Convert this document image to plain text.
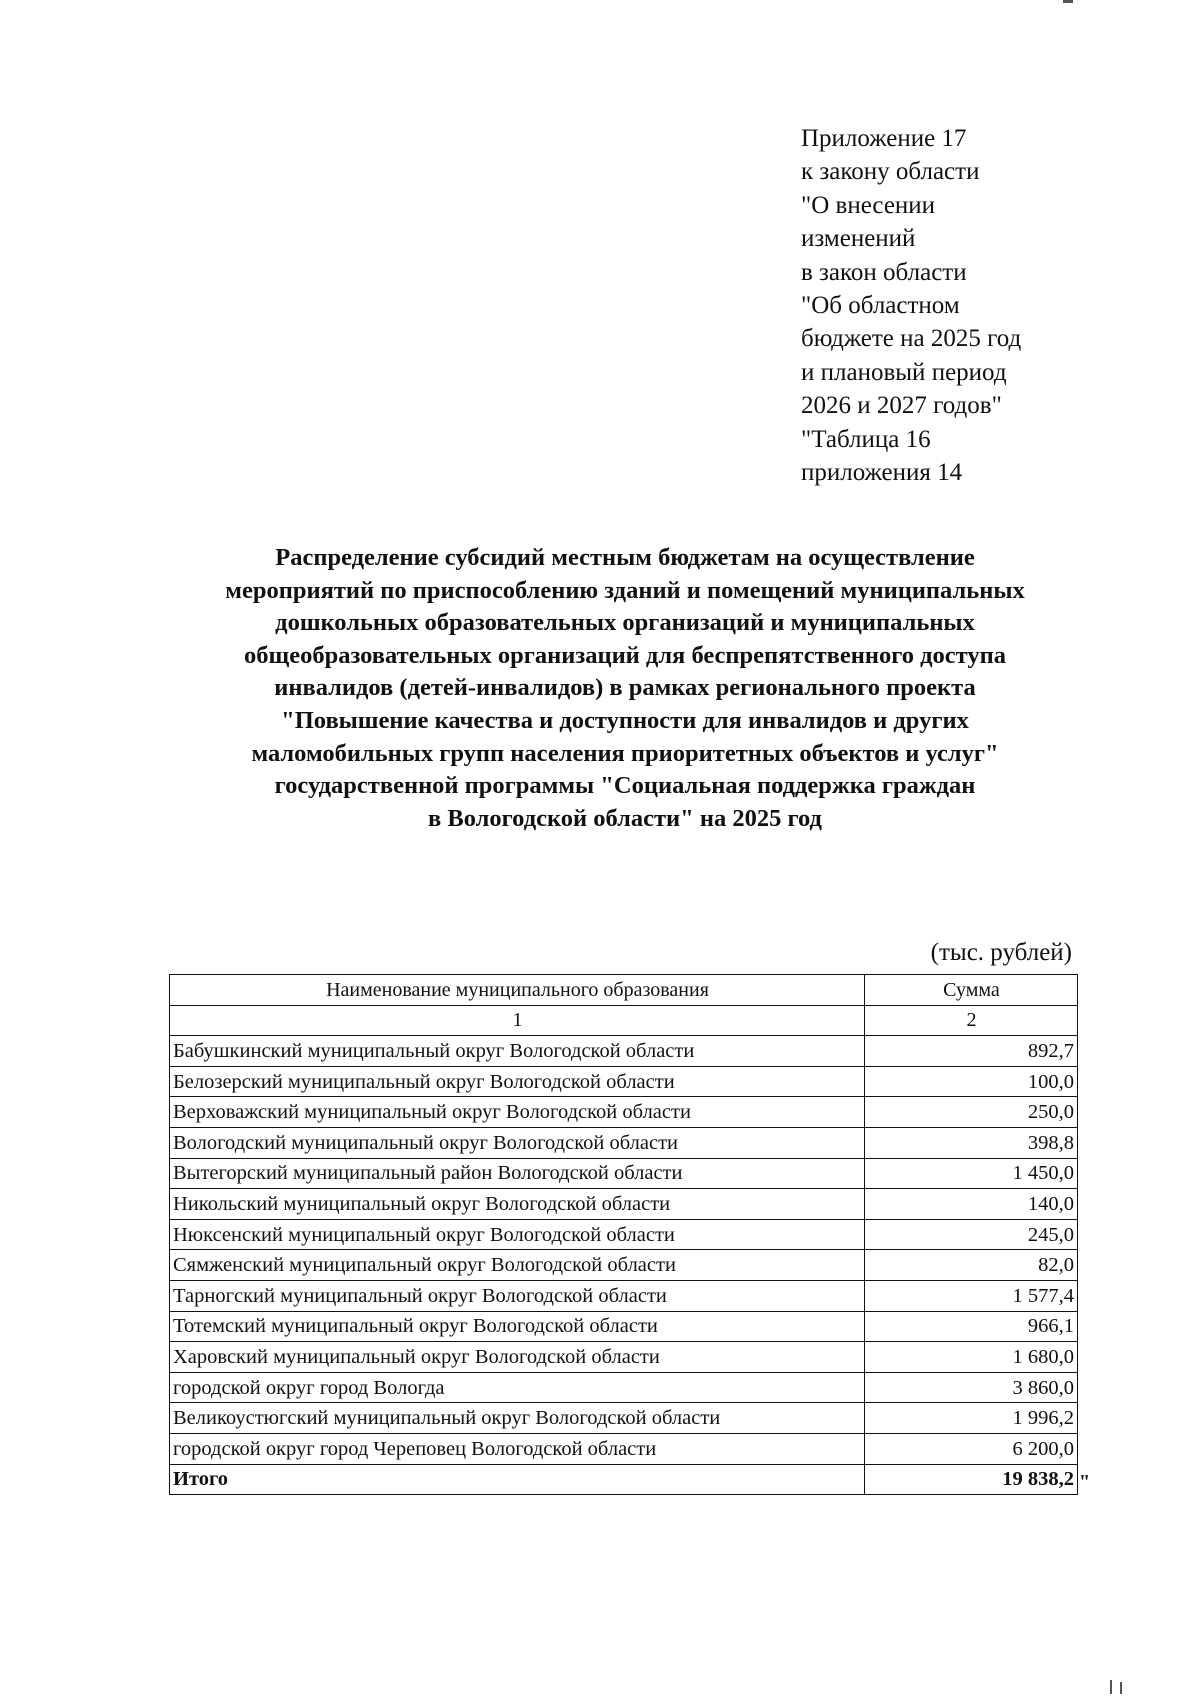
Приложение 17
к закону области
"О внесении
изменений
в закон области
"Об областном
бюджете на 2025 год
и плановый период
2026 и 2027 годов"
"Таблица 16
приложения 14
Распределение субсидий местным бюджетам на осуществление
мероприятий по приспособлению зданий и помещений муниципальных
дошкольных образовательных организаций и муниципальных
общеобразовательных организаций для беспрепятственного доступа
инвалидов (детей-инвалидов) в рамках регионального проекта
"Повышение качества и доступности для инвалидов и других
маломобильных групп населения приоритетных объектов и услуг"
государственной программы "Социальная поддержка граждан
в Вологодской области" на 2025 год
(тыс. рублей)
Наименование муниципального образования	Сумма
1	2
Бабушкинский муниципальный округ Вологодской области	892,7
Белозерский муниципальный округ Вологодской области	100,0
Верховажский муниципальный округ Вологодской области	250,0
Вологодский муниципальный округ Вологодской области	398,8
Вытегорский муниципальный район Вологодской области	1 450,0
Никольский муниципальный округ Вологодской области	140,0
Нюксенский муниципальный округ Вологодской области	245,0
Сямженский муниципальный округ Вологодской области	82,0
Тарногский муниципальный округ Вологодской области	1 577,4
Тотемский муниципальный округ Вологодской области	966,1
Харовский муниципальный округ Вологодской области	1 680,0
городской округ город Вологда	3 860,0
Великоустюгский муниципальный округ Вологодской области	1 996,2
городской округ город Череповец Вологодской области	6 200,0
Итого	19 838,2 "
